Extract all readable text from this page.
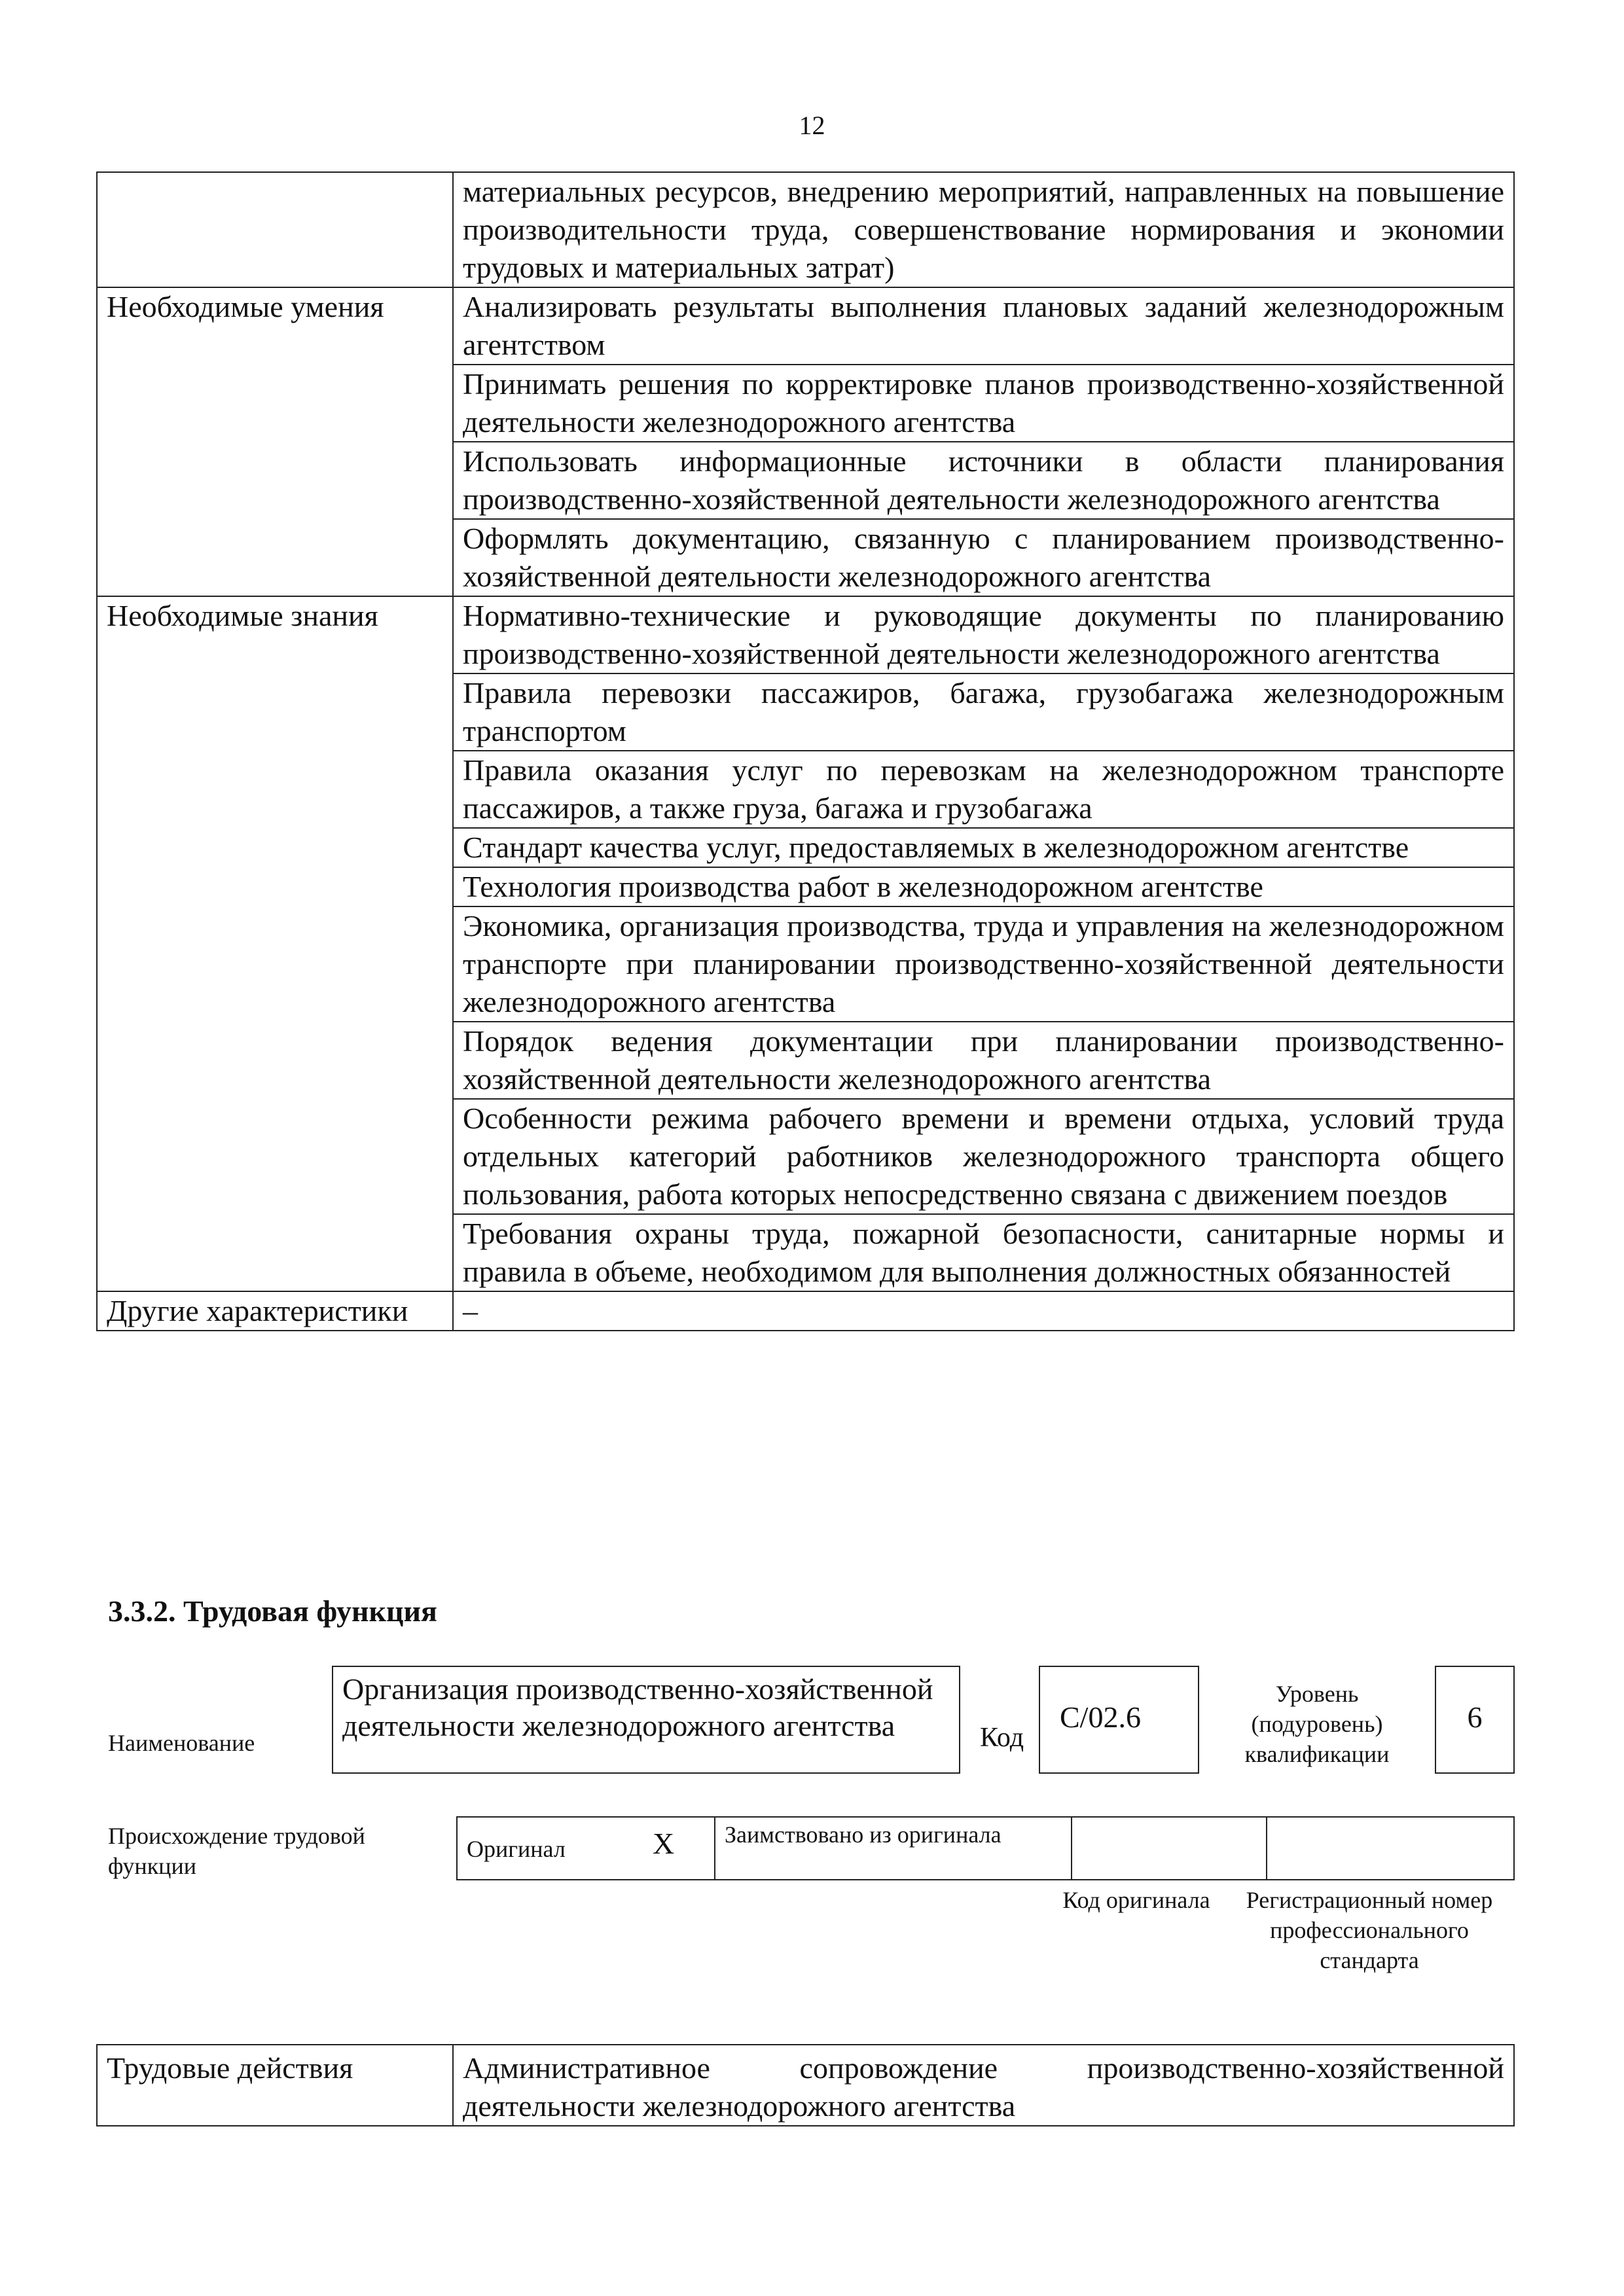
12
	материальных ресурсов, внедрению мероприятий, направленных на повышение производительности труда, совершенствование нормирования и экономии трудовых и материальных затрат)
Необходимые умения	Анализировать результаты выполнения плановых заданий железнодорожным агентством
	Принимать решения по корректировке планов производственно-хозяйственной деятельности железнодорожного агентства
	Использовать информационные источники в области планирования производственно-хозяйственной деятельности железнодорожного агентства
	Оформлять документацию, связанную с планированием производственно-хозяйственной деятельности железнодорожного агентства
Необходимые знания	Нормативно-технические и руководящие документы по планированию производственно-хозяйственной деятельности железнодорожного агентства
	Правила перевозки пассажиров, багажа, грузобагажа железнодорожным транспортом
	Правила оказания услуг по перевозкам на железнодорожном транспорте пассажиров, а также груза, багажа и грузобагажа
	Стандарт качества услуг, предоставляемых в железнодорожном агентстве
	Технология производства работ в железнодорожном агентстве
	Экономика, организация производства, труда и управления на железнодорожном транспорте при планировании производственно-хозяйственной деятельности железнодорожного агентства
	Порядок ведения документации при планировании производственно-хозяйственной деятельности железнодорожного агентства
	Особенности режима рабочего времени и времени отдыха, условий труда отдельных категорий работников железнодорожного транспорта общего пользования, работа которых непосредственно связана с движением поездов
	Требования охраны труда, пожарной безопасности, санитарные нормы и правила в объеме, необходимом для выполнения должностных обязанностей
Другие характеристики	–
3.3.2. Трудовая функция
Наименование
Организация производственно-хозяйственной деятельности железнодорожного агентства	Код
С/02.6
Уровень (подуровень) квалификации
6
Происхождение трудовой функции
Оригинал	X	Заимствовано из оригинала		
Код оригинала	Регистрационный номер профессионального стандарта
Трудовые действия	Административное сопровождение производственно-хозяйственной деятельности железнодорожного агентства
